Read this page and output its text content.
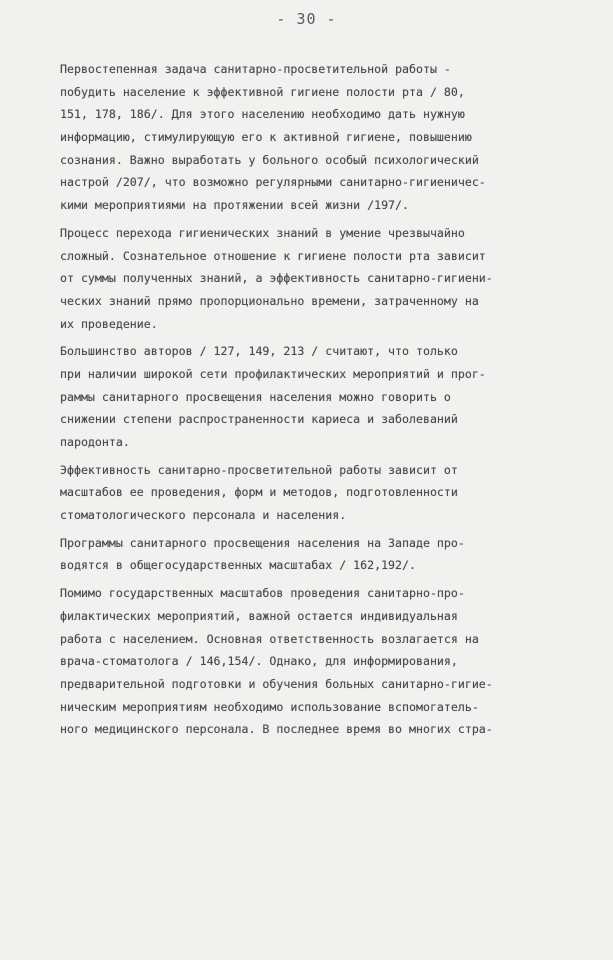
- 30 -
Первостепенная задача санитарно-просветительной работы -
побудить население к эффективной гигиене полости рта / 80,
151, 178, 186/. Для этого населению необходимо дать нужную
информацию, стимулирующую его к активной гигиене, повышению
сознания. Важно выработать у больного особый психологический
настрой /207/, что возможно регулярными санитарно-гигиеничес-
кими мероприятиями на протяжении всей жизни /197/.
Процесс перехода гигиенических знаний в умение чрезвычайно
сложный. Сознательное отношение к гигиене полости рта зависит
от суммы полученных знаний, а эффективность санитарно-гигиени-
ческих знаний прямо пропорционально времени, затраченному на
их проведение.
Большинство авторов / 127, 149, 213 / считают, что только
при наличии широкой сети профилактических мероприятий и прог-
раммы санитарного просвещения населения можно говорить о
снижении степени распространенности кариеса и заболеваний
пародонта.
Эффективность санитарно-просветительной работы зависит от
масштабов ее проведения, форм и методов, подготовленности
стоматологического персонала и населения.
Программы санитарного просвещения населения на Западе про-
водятся в общегосударственных масштабах / 162,192/.
Помимо государственных масштабов проведения санитарно-про-
филактических мероприятий, важной остается индивидуальная
работа с населением. Основная ответственность возлагается на
врача-стоматолога / 146,154/. Однако, для информирования,
предварительной подготовки и обучения больных санитарно-гигие-
ническим мероприятиям необходимо использование вспомогатель-
ного медицинского персонала. В последнее время во многих стра-
